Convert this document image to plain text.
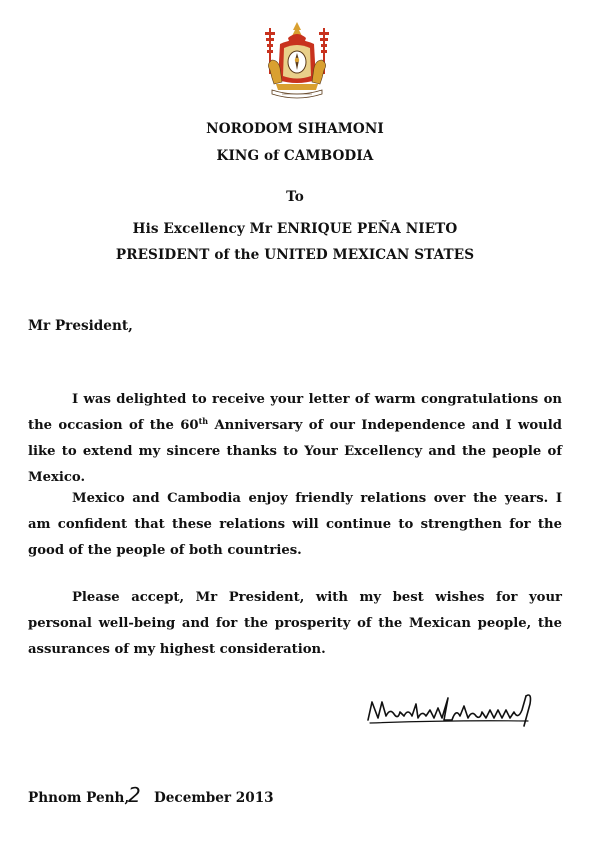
NORODOM SIHAMONI
KING of CAMBODIA
To
His Excellency Mr ENRIQUE PEÑA NIETO
PRESIDENT of the UNITED MEXICAN STATES
Mr President,

I was delighted to receive your letter of warm congratulations on the occasion of the 60th Anniversary of our Independence and I would like to extend my sincere thanks to Your Excellency and the people of Mexico.

Mexico and Cambodia enjoy friendly relations over the years. I am confident that these relations will continue to strengthen for the good of the people of both countries.

Please accept, Mr President, with my best wishes for your personal well-being and for the prosperity of the Mexican people, the assurances of my highest consideration.

Phnom Penh,
2 December 2013
